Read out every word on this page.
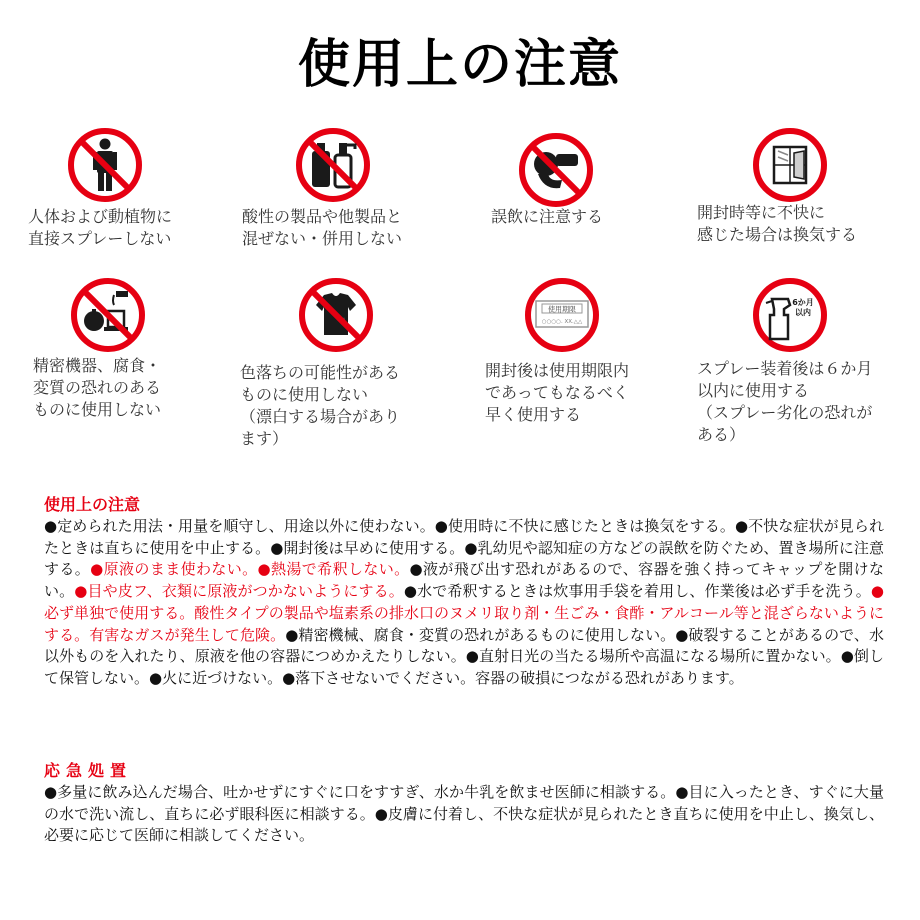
使用上の注意
人体および動植物に
直接スプレーしない
酸性の製品や他製品と
混ぜない・併用しない
誤飲に注意する	開封時等に不快に
感じた場合は換気する
精密機器、腐食・
変質の恐れのある
ものに使用しない
色落ちの可能性がある
ものに使用しない
（漂白する場合があり
ます）
使用期限
○○○○. XX.△△
開封後は使用期限内
であってもなるべく
早く使用する
6か月
以内
スプレー装着後は６か月
以内に使用する
（スプレー劣化の恐れが
ある）
使用上の注意
●定められた用法・用量を順守し、用途以外に使わない。●使用時に不快に感じたときは換気をする。●不快な症状が見られたときは直ちに使用を中止する。●開封後は早めに使用する。●乳幼児や認知症の方などの誤飲を防ぐため、置き場所に注意する。●原液のまま使わない。●熱湯で希釈しない。●液が飛び出す恐れがあるので、容器を強く持ってキャップを開けない。●目や皮フ、衣類に原液がつかないようにする。●水で希釈するときは炊事用手袋を着用し、作業後は必ず手を洗う。●必ず単独で使用する。酸性タイプの製品や塩素系の排水口のヌメリ取り剤・生ごみ・食酢・アルコール等と混ざらないようにする。有害なガスが発生して危険。●精密機械、腐食・変質の恐れがあるものに使用しない。●破裂することがあるので、水以外ものを入れたり、原液を他の容器につめかえたりしない。●直射日光の当たる場所や高温になる場所に置かない。●倒して保管しない。●火に近づけない。●落下させないでください。容器の破損につながる恐れがあります。
応急処置
●多量に飲み込んだ場合、吐かせずにすぐに口をすすぎ、水か牛乳を飲ませ医師に相談する。●目に入ったとき、すぐに大量の水で洗い流し、直ちに必ず眼科医に相談する。●皮膚に付着し、不快な症状が見られたとき直ちに使用を中止し、換気し、必要に応じて医師に相談してください。
